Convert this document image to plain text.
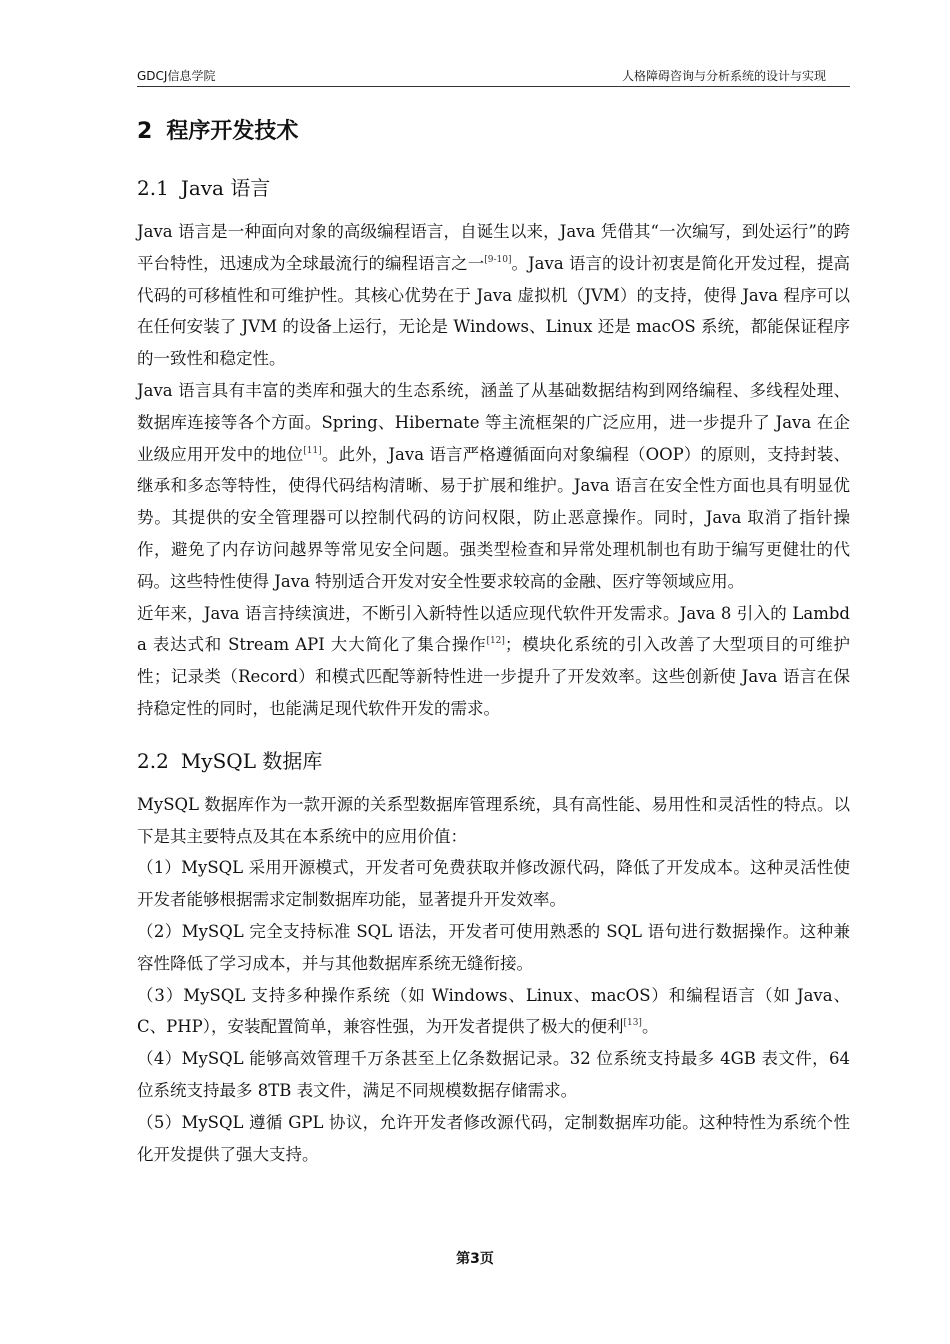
GDCJ信息学院	人格障碍咨询与分析系统的设计与实现
2 程序开发技术
2.1 Java 语言

Java 语言是一种面向对象的高级编程语言，自诞生以来，Java 凭借其“一次编写，到处运行”的跨平台特性，迅速成为全球最流行的编程语言之一[9-10]。Java 语言的设计初衷是简化开发过程，提高代码的可移植性和可维护性。其核心优势在于 Java 虚拟机（JVM）的支持，使得 Java 程序可以在任何安装了 JVM 的设备上运行，无论是 Windows、Linux 还是 macOS 系统，都能保证程序的一致性和稳定性。

Java 语言具有丰富的类库和强大的生态系统，涵盖了从基础数据结构到网络编程、多线程处理、数据库连接等各个方面。Spring、Hibernate 等主流框架的广泛应用，进一步提升了 Java 在企业级应用开发中的地位[11]。此外，Java 语言严格遵循面向对象编程（OOP）的原则，支持封装、继承和多态等特性，使得代码结构清晰、易于扩展和维护。Java 语言在安全性方面也具有明显优势。其提供的安全管理器可以控制代码的访问权限，防止恶意操作。同时，Java 取消了指针操作，避免了内存访问越界等常见安全问题。强类型检查和异常处理机制也有助于编写更健壮的代码。这些特性使得 Java 特别适合开发对安全性要求较高的金融、医疗等领域应用。

近年来，Java 语言持续演进，不断引入新特性以适应现代软件开发需求。Java 8 引入的 Lambda 表达式和 Stream API 大大简化了集合操作[12]；模块化系统的引入改善了大型项目的可维护性；记录类（Record）和模式匹配等新特性进一步提升了开发效率。这些创新使 Java 语言在保持稳定性的同时，也能满足现代软件开发的需求。

2.2 MySQL 数据库

MySQL 数据库作为一款开源的关系型数据库管理系统，具有高性能、易用性和灵活性的特点。以下是其主要特点及其在本系统中的应用价值：

（1）MySQL 采用开源模式，开发者可免费获取并修改源代码，降低了开发成本。这种灵活性使开发者能够根据需求定制数据库功能，显著提升开发效率。

（2）MySQL 完全支持标准 SQL 语法，开发者可使用熟悉的 SQL 语句进行数据操作。这种兼容性降低了学习成本，并与其他数据库系统无缝衔接。

（3）MySQL 支持多种操作系统（如 Windows、Linux、macOS）和编程语言（如 Java、C、PHP），安装配置简单，兼容性强，为开发者提供了极大的便利[13]。

（4）MySQL 能够高效管理千万条甚至上亿条数据记录。32 位系统支持最多 4GB 表文件，64 位系统支持最多 8TB 表文件，满足不同规模数据存储需求。

（5）MySQL 遵循 GPL 协议，允许开发者修改源代码，定制数据库功能。这种特性为系统个性化开发提供了强大支持。

第3页
